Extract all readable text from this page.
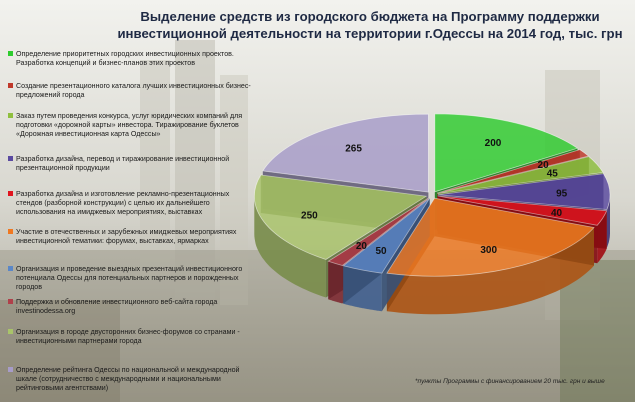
Выделение средств из городского бюджета на Программу поддержки инвестиционной деятельности на территории г.Одессы на 2014 год, тыс. грн
Определение приоритетных городских инвестиционных проектов. Разработка концепций и бизнес-планов этих проектов
Создание презентационного каталога лучших инвестиционных бизнес-предложений города
Заказ путем проведения конкурса, услуг юридических компаний для подготовки «дорожной карты» инвестора. Тиражирование буклетов «Дорожная инвестиционная карта Одессы»
Разработка дизайна, перевод и тиражирование инвестиционной презентационной продукции
Разработка дизайна и изготовление рекламно-презентационных стендов (разборной конструкции) с целью их дальнейшего использования на имиджевых мероприятиях, выставках
Участие в отечественных и зарубежных имиджевых мероприятиях инвестиционной тематики: форумах, выставках, ярмарках
Организация и проведение выездных презентаций инвестиционного потенциала Одессы для потенциальных партнеров и порожденных городов
Поддержка и обновление инвестиционного веб-сайта города investinodessa.org
Организация в городе двусторонних бизнес-форумов со странами - инвестиционными партнерами города
Определение рейтинга Одессы по национальной и международной шкале (сотрудничество с международными и национальными рейтинговыми агентствами)
200
20
45
95
40
300
50
20
250
265
*пункты Программы с финансированием 20 тыс. грн и выше
